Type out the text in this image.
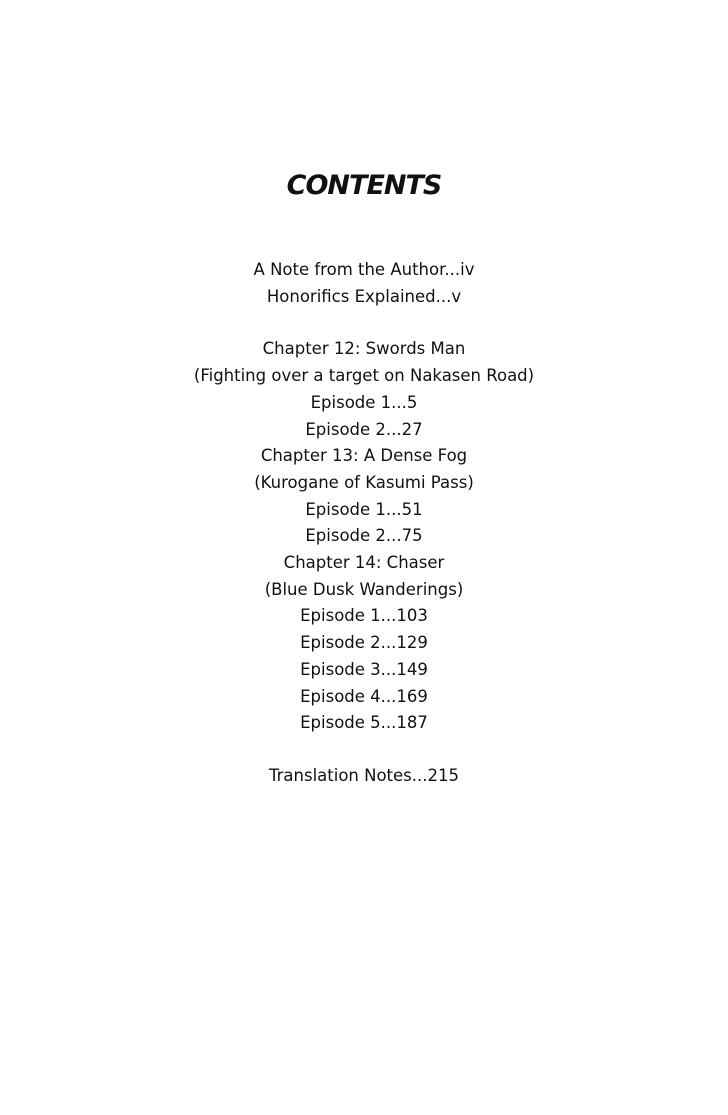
CONTENTS
A Note from the Author...iv
Honorifics Explained...v
Chapter 12: Swords Man
(Fighting over a target on Nakasen Road)
Episode 1...5
Episode 2...27
Chapter 13: A Dense Fog
(Kurogane of Kasumi Pass)
Episode 1...51
Episode 2...75
Chapter 14: Chaser
(Blue Dusk Wanderings)
Episode 1...103
Episode 2...129
Episode 3...149
Episode 4...169
Episode 5...187
Translation Notes...215
